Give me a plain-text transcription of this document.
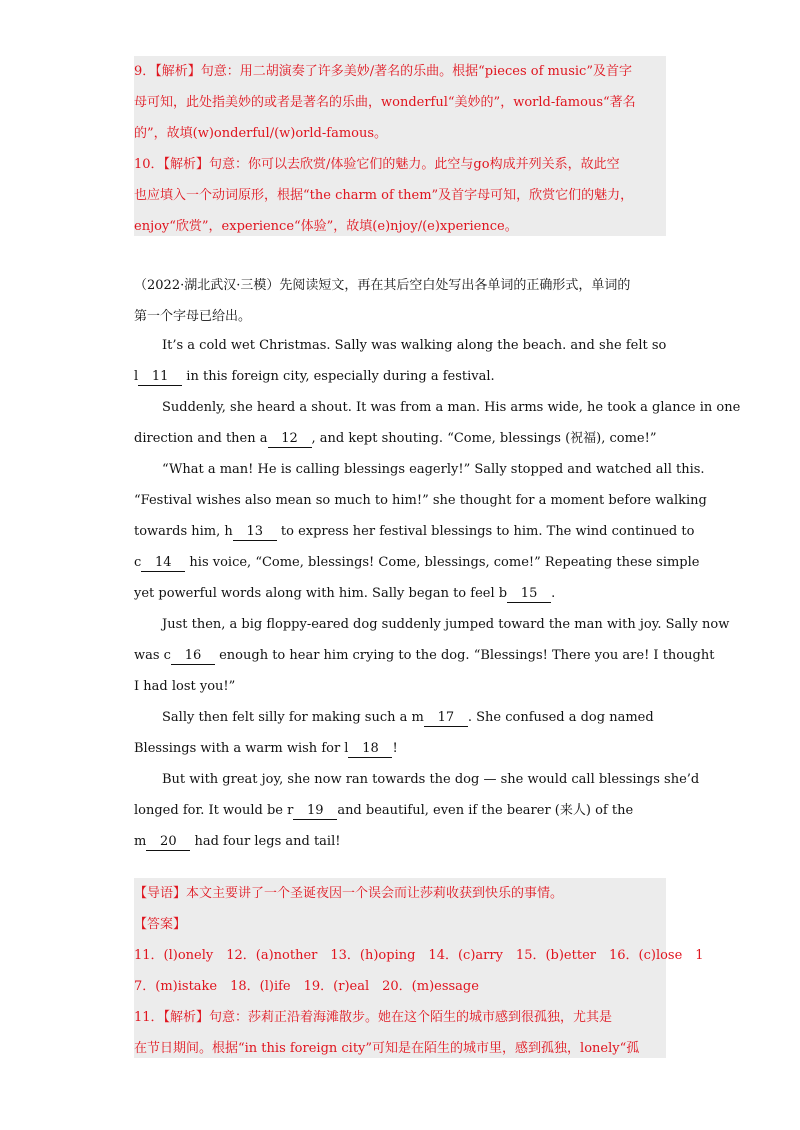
9．【解析】句意：用二胡演奏了许多美妙/著名的乐曲。根据“pieces of music”及首字
母可知，此处指美妙的或者是著名的乐曲，wonderful“美妙的”，world-famous“著名
的”，故填(w)onderful/(w)orld-famous。
10．【解析】句意：你可以去欣赏/体验它们的魅力。此空与go构成并列关系，故此空
也应填入一个动词原形，根据“the charm of them”及首字母可知，欣赏它们的魅力，
enjoy“欣赏”，experience“体验”，故填(e)njoy/(e)xperience。
（2022·湖北武汉·三模）先阅读短文，再在其后空白处写出各单词的正确形式，单词的
第一个字母已给出。
It’s a cold wet Christmas. Sally was walking along the beach. and she felt so
l 11 in this foreign city, especially during a festival.
Suddenly, she heard a shout. It was from a man. His arms wide, he took a glance in one
direction and then a 12 , and kept shouting. “Come, blessings (祝福), come!”
“What a man! He is calling blessings eagerly!” Sally stopped and watched all this.
“Festival wishes also mean so much to him!” she thought for a moment before walking
towards him, h 13 to express her festival blessings to him. The wind continued to
c 14 his voice, “Come, blessings! Come, blessings, come!” Repeating these simple
yet powerful words along with him. Sally began to feel b 15 .
Just then, a big floppy-eared dog suddenly jumped toward the man with joy. Sally now
was c 16 enough to hear him crying to the dog. “Blessings! There you are! I thought
I had lost you!”
Sally then felt silly for making such a m 17 . She confused a dog named
Blessings with a warm wish for l 18 !
But with great joy, she now ran towards the dog — she would call blessings she’d
longed for. It would be r 19 and beautiful, even if the bearer (来人) of the
m 20 had four legs and tail!
【导语】本文主要讲了一个圣诞夜因一个误会而让莎莉收获到快乐的事情。
【答案】
11．(l)onely　12．(a)nother　13．(h)oping　14．(c)arry　15．(b)etter　16．(c)lose　1
7．(m)istake　18．(l)ife　19．(r)eal　20．(m)essage
11．【解析】句意：莎莉正沿着海滩散步。她在这个陌生的城市感到很孤独，尤其是
在节日期间。根据“in this foreign city”可知是在陌生的城市里，感到孤独，lonely“孤
